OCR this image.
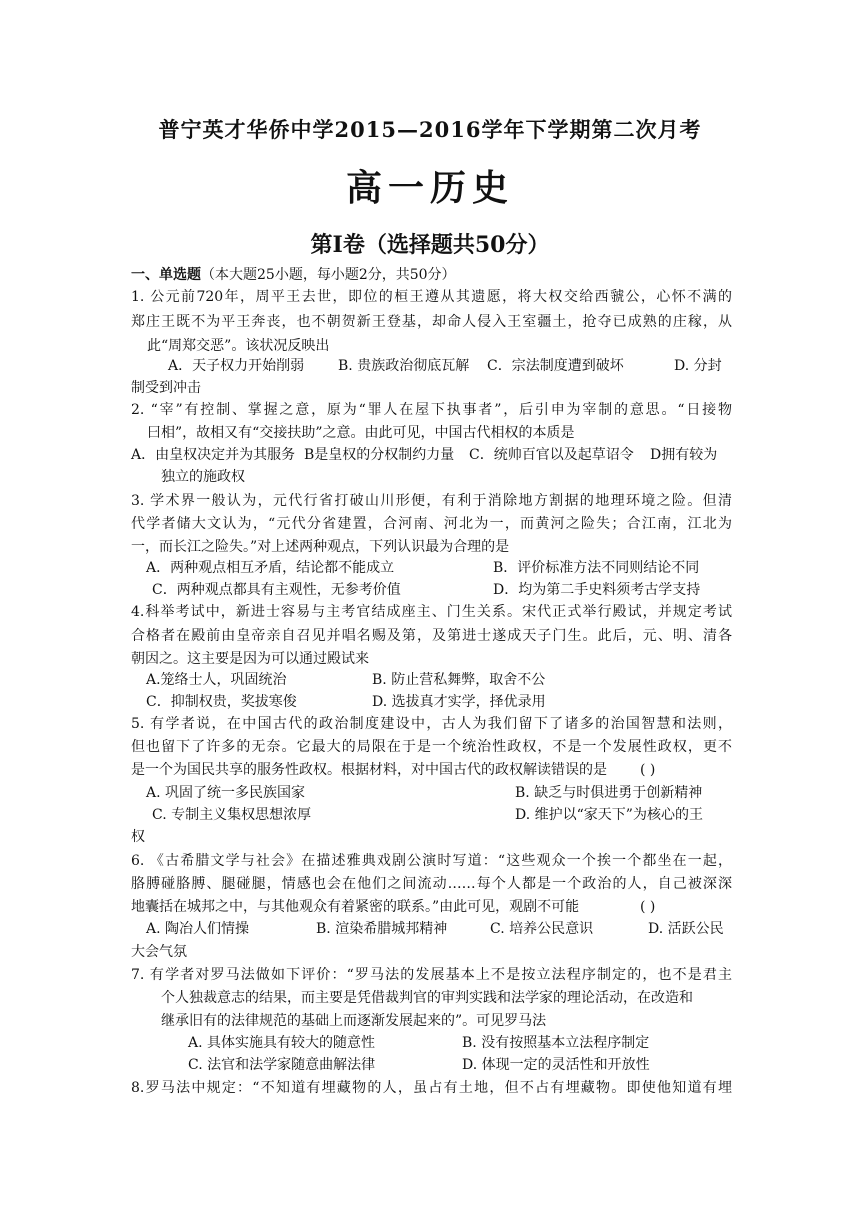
普宁英才华侨中学2015—2016学年下学期第二次月考
高一历史
第Ⅰ卷（选择题共50分）
一、单选题（本大题25小题，每小题2分，共50分）
1. 公元前720年，周平王去世，即位的桓王遵从其遗愿，将大权交给西虢公，心怀不满的
郑庄王既不为平王奔丧，也不朝贺新王登基，却命人侵入王室疆土，抢夺已成熟的庄稼，从
此“周郑交恶”。该状况反映出
A．天子权力开始削弱 B. 贵族政治彻底瓦解 C．宗法制度遭到破坏	D. 分封
制受到冲击
2. “宰”有控制、掌握之意，原为“罪人在屋下执事者”，后引申为宰制的意思。“日接物
曰相”，故相又有“交接扶助”之意。由此可见，中国古代相权的本质是
A．由皇权决定并为其服务 B是皇权的分权制约力量 C．统帅百官以及起草诏令 D拥有较为
独立的施政权
3. 学术界一般认为，元代行省打破山川形便，有利于消除地方割据的地理环境之险。但清
代学者储大文认为，“元代分省建置，合河南、河北为一，而黄河之险失；合江南，江北为
一，而长江之险失。”对上述两种观点，下列认识最为合理的是
A．两种观点相互矛盾，结论都不能成立	B．评价标准方法不同则结论不同
C．两种观点都具有主观性，无参考价值	D．均为第二手史料须考古学支持
4.科举考试中，新进士容易与主考官结成座主、门生关系。宋代正式举行殿试，并规定考试
合格者在殿前由皇帝亲自召见并唱名赐及第，及第进士遂成天子门生。此后，元、明、清各
朝因之。这主要是因为可以通过殿试来
A.笼络士人，巩固统治	B. 防止营私舞弊，取舍不公
C．抑制权贵，奖拔寒俊	D. 选拔真才实学，择优录用
5. 有学者说，在中国古代的政治制度建设中，古人为我们留下了诸多的治国智慧和法则，
但也留下了许多的无奈。它最大的局限在于是一个统治性政权，不是一个发展性政权，更不
是一个为国民共享的服务性政权。根据材料，对中国古代的政权解读错误的是 ( )
A. 巩固了统一多民族国家	B. 缺乏与时俱进勇于创新精神
C. 专制主义集权思想浓厚	D. 维护以“家天下”为核心的王
权
6. 《古希腊文学与社会》在描述雅典戏剧公演时写道：“这些观众一个挨一个都坐在一起，
胳膊碰胳膊、腿碰腿，情感也会在他们之间流动……每个人都是一个政治的人，自己被深深
地囊括在城邦之中，与其他观众有着紧密的联系。”由此可见，观剧不可能	( )
A. 陶冶人们情操	B. 渲染希腊城邦精神	C. 培养公民意识	D. 活跃公民
大会气氛
7. 有学者对罗马法做如下评价：“罗马法的发展基本上不是按立法程序制定的，也不是君主
个人独裁意志的结果，而主要是凭借裁判官的审判实践和法学家的理论活动，在改造和
继承旧有的法律规范的基础上而逐渐发展起来的”。可见罗马法
A. 具体实施具有较大的随意性	B. 没有按照基本立法程序制定
C. 法官和法学家随意曲解法律	D. 体现一定的灵活性和开放性
8.罗马法中规定：“不知道有埋藏物的人，虽占有土地，但不占有埋藏物。即使他知道有埋
